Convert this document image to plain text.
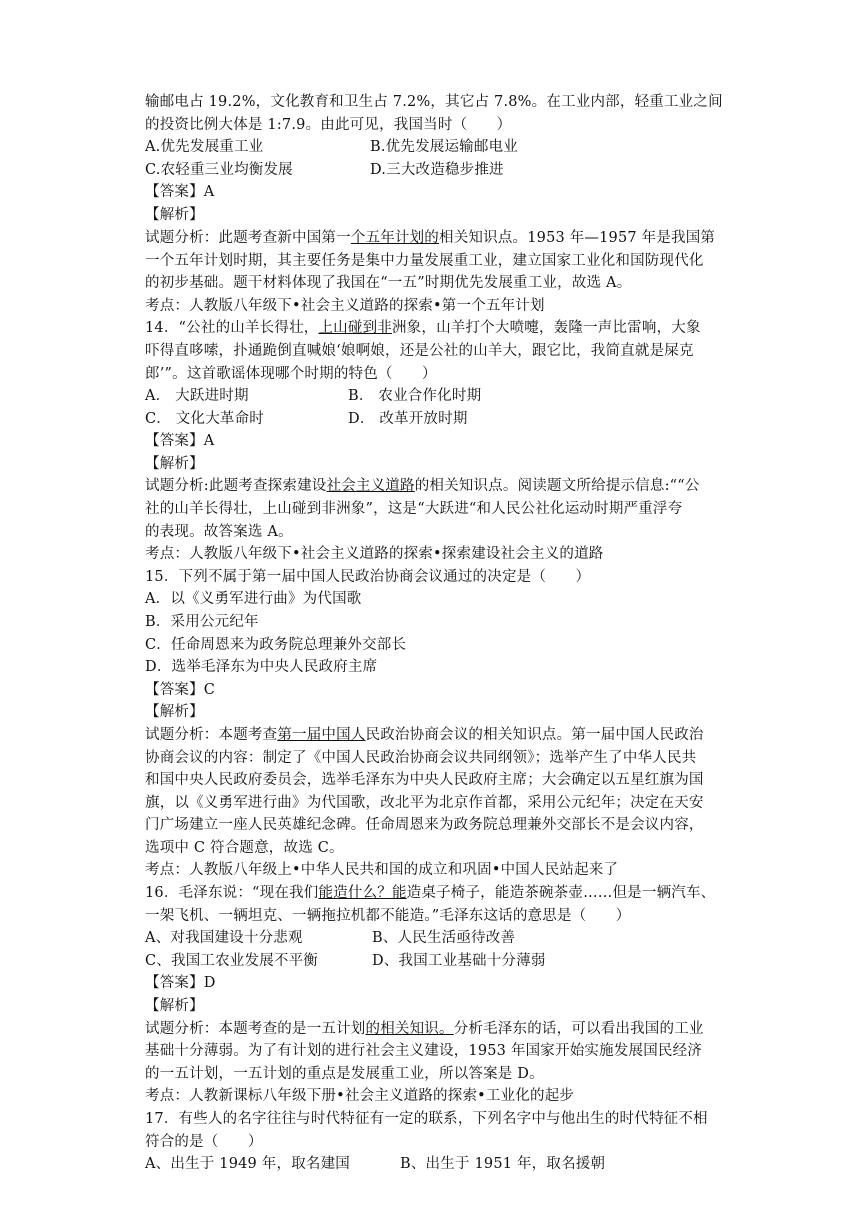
输邮电占 19.2%，文化教育和卫生占 7.2%，其它占 7.8%。在工业内部，轻重工业之间
的投资比例大体是 1:7.9。由此可见，我国当时（　　）
A.优先发展重工业	B.优先发展运输邮电业
C.农轻重三业均衡发展	D.三大改造稳步推进
【答案】A
【解析】
试题分析：此题考查新中国第一个五年计划的相关知识点。1953 年—1957 年是我国第
一个五年计划时期，其主要任务是集中力量发展重工业，建立国家工业化和国防现代化
的初步基础。题干材料体现了我国在“一五”时期优先发展重工业，故选 A。
考点：人教版八年级下•社会主义道路的探索•第一个五年计划
14．“公社的山羊长得壮，上山碰到非洲象，山羊打个大喷嚏，轰隆一声比雷响，大象
吓得直哆嗦，扑通跪倒直喊娘‘娘啊娘，还是公社的山羊大，跟它比，我简直就是屎克
郎’”。这首歌谣体现哪个时期的特色（　　）
A． 大跃进时期	B． 农业合作化时期
C． 文化大革命时	D． 改革开放时期
【答案】A
【解析】
试题分析:此题考查探索建设社会主义道路的相关知识点。阅读题文所给提示信息:““公
社的山羊长得壮，上山碰到非洲象”，这是“大跃进“和人民公社化运动时期严重浮夸
的表现。故答案选 A。
考点：人教版八年级下•社会主义道路的探索•探索建设社会主义的道路
15．下列不属于第一届中国人民政治协商会议通过的决定是（　　）
A．以《义勇军进行曲》为代国歌
B．采用公元纪年
C．任命周恩来为政务院总理兼外交部长
D．选举毛泽东为中央人民政府主席
【答案】C
【解析】
试题分析：本题考查第一届中国人民政治协商会议的相关知识点。第一届中国人民政治
协商会议的内容：制定了《中国人民政治协商会议共同纲领》；选举产生了中华人民共
和国中央人民政府委员会，选举毛泽东为中央人民政府主席；大会确定以五星红旗为国
旗，以《义勇军进行曲》为代国歌，改北平为北京作首都，采用公元纪年；决定在天安
门广场建立一座人民英雄纪念碑。任命周恩来为政务院总理兼外交部长不是会议内容，
选项中 C 符合题意，故选 C。
考点：人教版八年级上•中华人民共和国的成立和巩固•中国人民站起来了
16．毛泽东说：“现在我们能造什么？能造桌子椅子，能造茶碗茶壶……但是一辆汽车、
一架飞机、一辆坦克、一辆拖拉机都不能造。”毛泽东这话的意思是（　　）
A、对我国建设十分悲观	B、人民生活亟待改善
C、我国工农业发展不平衡	D、我国工业基础十分薄弱
【答案】D
【解析】
试题分析：本题考查的是一五计划的相关知识。分析毛泽东的话，可以看出我国的工业
基础十分薄弱。为了有计划的进行社会主义建设，1953 年国家开始实施发展国民经济
的一五计划，一五计划的重点是发展重工业，所以答案是 D。
考点：人教新课标八年级下册•社会主义道路的探索•工业化的起步
17．有些人的名字往往与时代特征有一定的联系，下列名字中与他出生的时代特征不相
符合的是（　　）
A、出生于 1949 年，取名建国	B、出生于 1951 年，取名援朝
